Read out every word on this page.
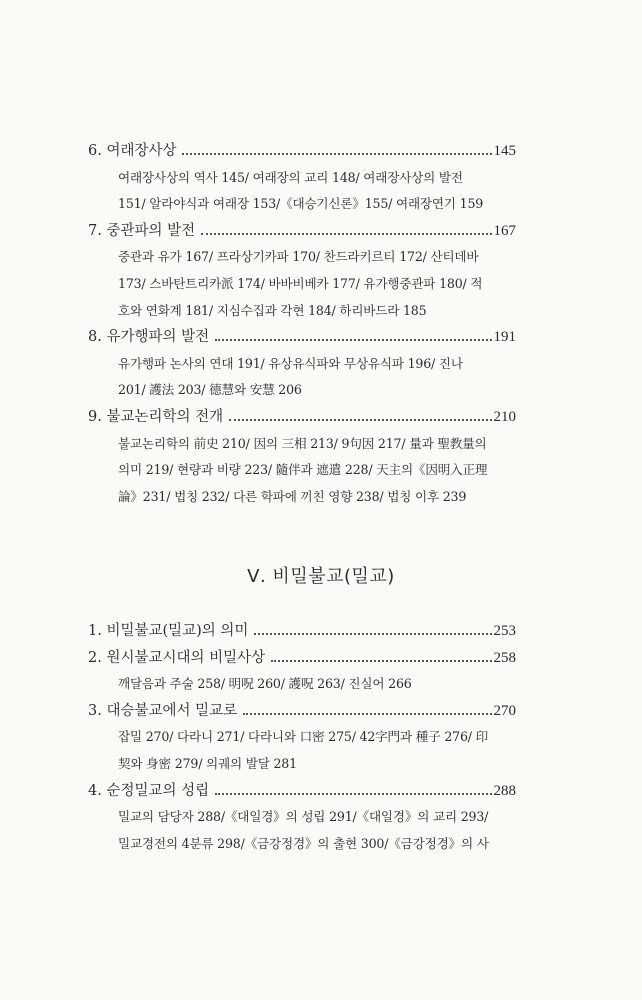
6. 여래장사상	145
여래장사상의 역사 145/ 여래장의 교리 148/ 여래장사상의 발전
151/ 알라야식과 여래장 153/《대승기신론》155/ 여래장연기 159
7. 중관파의 발전	167
중관과 유가 167/ 프라상기카파 170/ 찬드라키르티 172/ 산티데바
173/ 스바탄트리카派 174/ 바바비베카 177/ 유가행중관파 180/ 적
호와 연화계 181/ 지심수집과 각현 184/ 하리바드라 185
8. 유가행파의 발전	191
유가행파 논사의 연대 191/ 유상유식파와 무상유식파 196/ 진나
201/ 護法 203/ 德慧와 安慧 206
9. 불교논리학의 전개	210
불교논리학의 前史 210/ 因의 三相 213/ 9句因 217/ 量과 聖教量의
의미 219/ 현량과 비량 223/ 隨伴과 遮遣 228/ 天主의《因明入正理
論》231/ 법칭 232/ 다른 학파에 끼친 영향 238/ 법칭 이후 239
Ⅴ. 비밀불교(밀교)
1. 비밀불교(밀교)의 의미	253
2. 원시불교시대의 비밀사상	258
깨달음과 주술 258/ 明呪 260/ 護呪 263/ 진실어 266
3. 대승불교에서 밀교로	270
잡밀 270/ 다라니 271/ 다라니와 口密 275/ 42字門과 種子 276/ 印
契와 身密 279/ 의궤의 발달 281
4. 순정밀교의 성립	288
밀교의 담당자 288/《대일경》의 성립 291/《대일경》의 교리 293/
밀교경전의 4분류 298/《금강정경》의 출현 300/《금강정경》의 사
